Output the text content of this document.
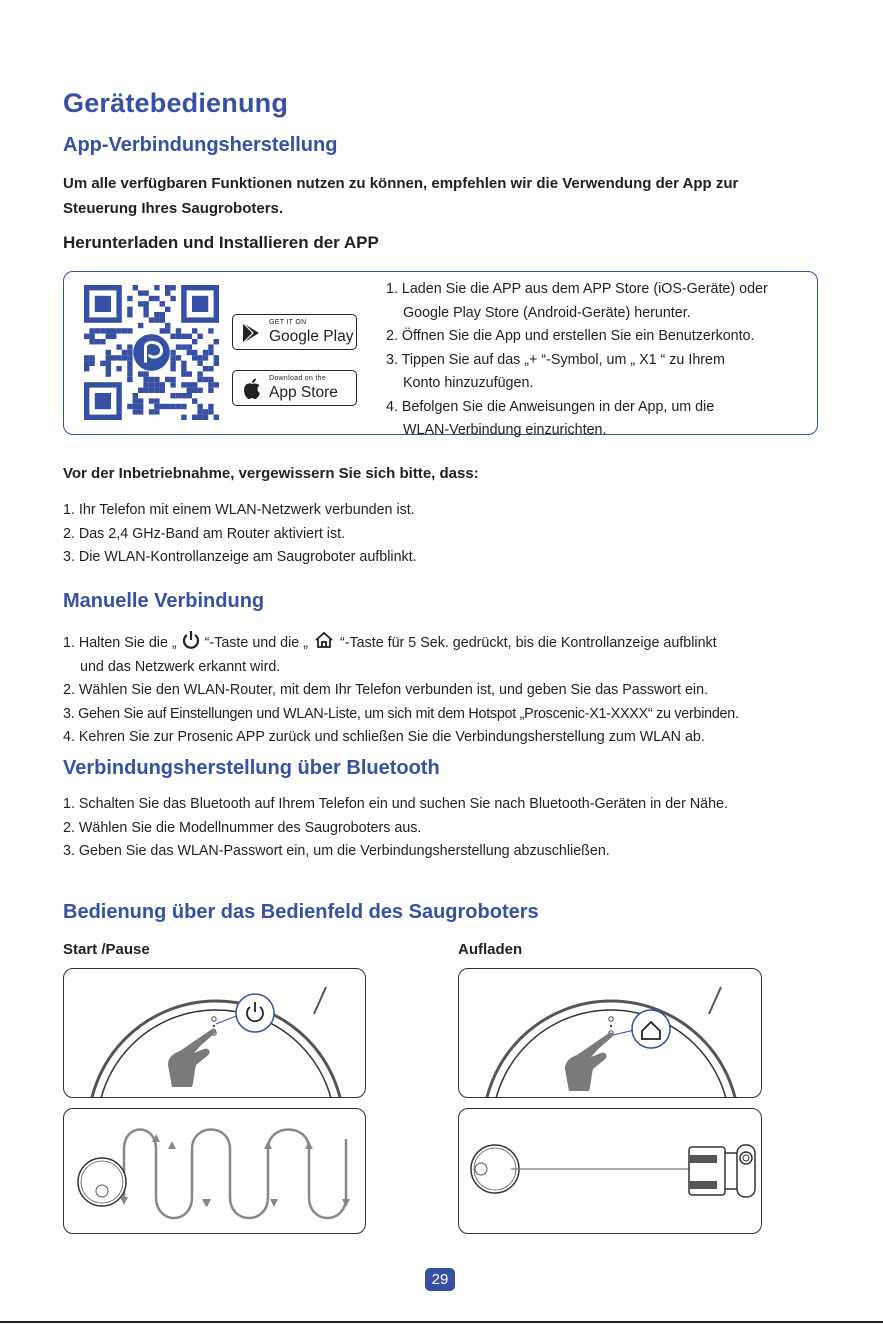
Gerätebedienung
App-Verbindungsherstellung
Um alle verfügbaren Funktionen nutzen zu können, empfehlen wir die Verwendung der App zur
Steuerung Ihres Saugroboters.
Herunterladen und Installieren der APP
GET IT ON
Google Play
Download on the
App Store
1. Laden Sie die APP aus dem APP Store (iOS-Geräte) oder
Google Play Store (Android-Geräte) herunter.
2. Öffnen Sie die App und erstellen Sie ein Benutzerkonto.
3. Tippen Sie auf das „+ “-Symbol, um „ X1 “ zu Ihrem
Konto hinzuzufügen.
4. Befolgen Sie die Anweisungen in der App, um die
WLAN-Verbindung einzurichten.
Vor der Inbetriebnahme, vergewissern Sie sich bitte, dass:
1. Ihr Telefon mit einem WLAN-Netzwerk verbunden ist.
2. Das 2,4 GHz-Band am Router aktiviert ist.
3. Die WLAN-Kontrollanzeige am Saugroboter aufblinkt.
Manuelle Verbindung
1. Halten Sie die „ “-Taste und die „ “-Taste für 5 Sek. gedrückt, bis die Kontrollanzeige aufblinkt
und das Netzwerk erkannt wird.
2. Wählen Sie den WLAN-Router, mit dem Ihr Telefon verbunden ist, und geben Sie das Passwort ein.
3. Gehen Sie auf Einstellungen und WLAN-Liste, um sich mit dem Hotspot „Proscenic-X1-XXXX“ zu verbinden.
4. Kehren Sie zur Prosenic APP zurück und schließen Sie die Verbindungsherstellung zum WLAN ab.
Verbindungsherstellung über Bluetooth
1. Schalten Sie das Bluetooth auf Ihrem Telefon ein und suchen Sie nach Bluetooth-Geräten in der Nähe.
2. Wählen Sie die Modellnummer des Saugroboters aus.
3. Geben Sie das WLAN-Passwort ein, um die Verbindungsherstellung abzuschließen.
Bedienung über das Bedienfeld des Saugroboters
Start /Pause	Aufladen
29
